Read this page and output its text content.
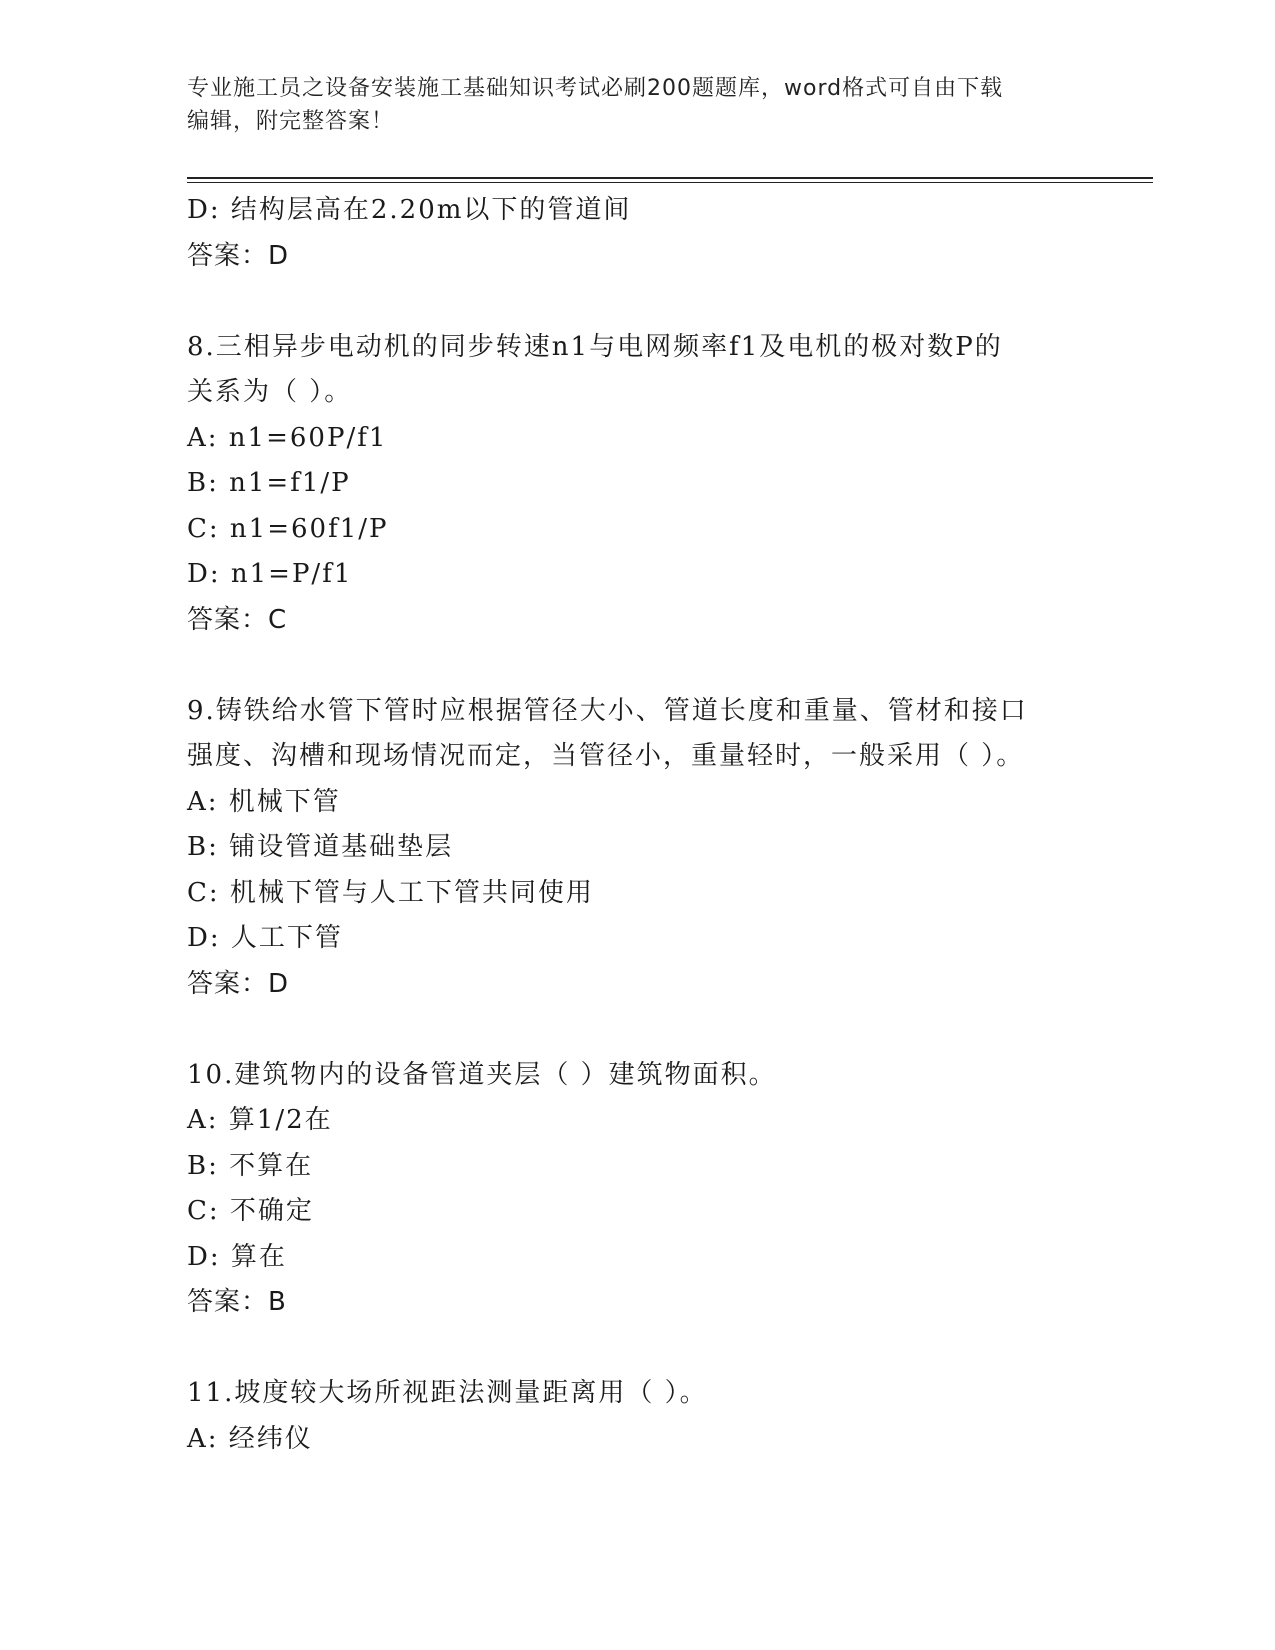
专业施工员之设备安装施工基础知识考试必刷200题题库，word格式可自由下载
编辑，附完整答案！
D: 结构层高在2.20m以下的管道间
答案：D
8.三相异步电动机的同步转速n1与电网频率f1及电机的极对数P的
关系为（ ）。
A: n1=60P/f1
B: n1=f1/P
C: n1=60f1/P
D: n1=P/f1
答案：C
9.铸铁给水管下管时应根据管径大小、管道长度和重量、管材和接口
强度、沟槽和现场情况而定，当管径小，重量轻时，一般采用（ ）。
A: 机械下管
B: 铺设管道基础垫层
C: 机械下管与人工下管共同使用
D: 人工下管
答案：D
10.建筑物内的设备管道夹层（ ）建筑物面积。
A: 算1/2在
B: 不算在
C: 不确定
D: 算在
答案：B
11.坡度较大场所视距法测量距离用（ ）。
A: 经纬仪
